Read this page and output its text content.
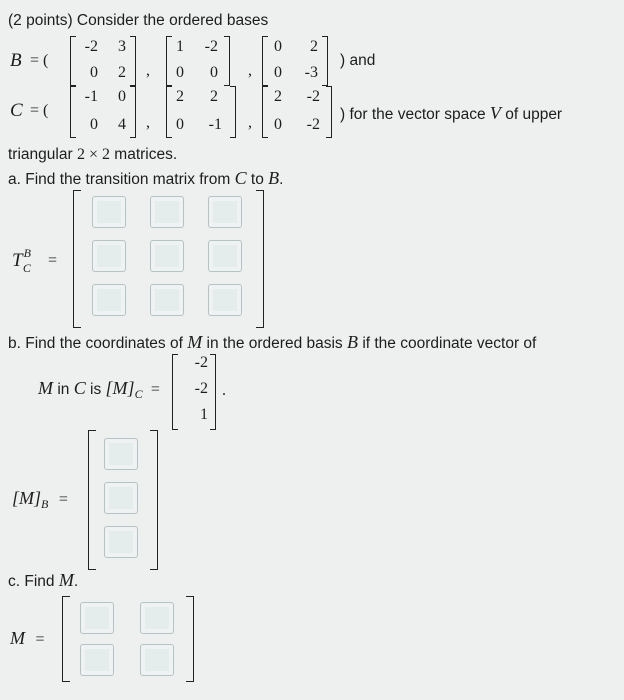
(2 points) Consider the ordered bases
B = (
-2	3
0	2 ,
1	-2
0	0 ,
0	2
0	-3
) and
C = (
-1	0
0	4 ,
2	2
0	-1 ,
2	-2
0	-2
) for the vector space V of upper
triangular 2 × 2 matrices.
a. Find the transition matrix from C to B.
$T^B_C$	=
b. Find the coordinates of M in the ordered basis B if the coordinate vector of
M in C is $[M]_C$ =
-2
-2
1
.
$[M]_B$ =
c. Find M.
M =
